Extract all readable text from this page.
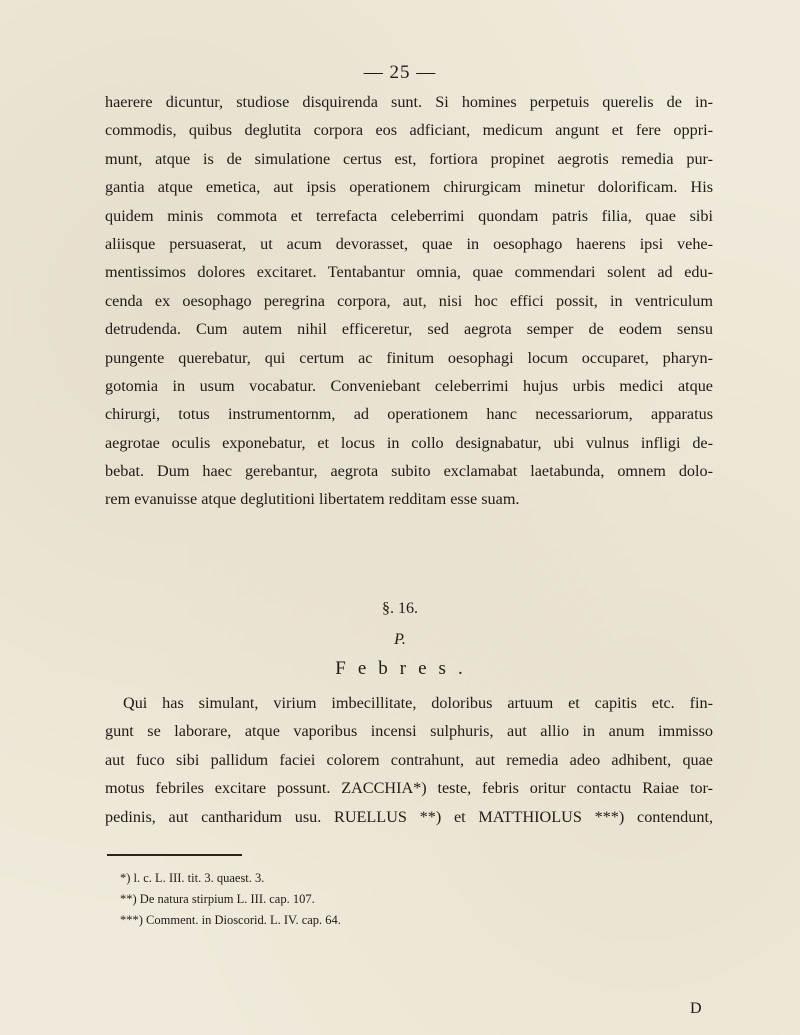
— 25 —
haerere dicuntur, studiose disquirenda sunt. Si homines perpetuis querelis de in-
commodis, quibus deglutita corpora eos adficiant, medicum angunt et fere oppri-
munt, atque is de simulatione certus est, fortiora propinet aegrotis remedia pur-
gantia atque emetica, aut ipsis operationem chirurgicam minetur dolorificam. His
quidem minis commota et terrefacta celeberrimi quondam patris filia, quae sibi
aliisque persuaserat, ut acum devorasset, quae in oesophago haerens ipsi vehe-
mentissimos dolores excitaret. Tentabantur omnia, quae commendari solent ad edu-
cenda ex oesophago peregrina corpora, aut, nisi hoc effici possit, in ventriculum
detrudenda. Cum autem nihil efficeretur, sed aegrota semper de eodem sensu
pungente querebatur, qui certum ac finitum oesophagi locum occuparet, pharyn-
gotomia in usum vocabatur. Conveniebant celeberrimi hujus urbis medici atque
chirurgi, totus instrumentornm, ad operationem hanc necessariorum, apparatus
aegrotae oculis exponebatur, et locus in collo designabatur, ubi vulnus infligi de-
bebat. Dum haec gerebantur, aegrota subito exclamabat laetabunda, omnem dolo-
rem evanuisse atque deglutitioni libertatem redditam esse suam.
§. 16.
P.
Febres.
Qui has simulant, virium imbecillitate, doloribus artuum et capitis etc. fin-
gunt se laborare, atque vaporibus incensi sulphuris, aut allio in anum immisso
aut fuco sibi pallidum faciei colorem contrahunt, aut remedia adeo adhibent, quae
motus febriles excitare possunt. ZACCHIA*) teste, febris oritur contactu Raiae tor-
pedinis, aut cantharidum usu. RUELLUS **) et MATTHIOLUS ***) contendunt,
*) l. c. L. III. tit. 3. quaest. 3.
**) De natura stirpium L. III. cap. 107.
***) Comment. in Dioscorid. L. IV. cap. 64.
D
